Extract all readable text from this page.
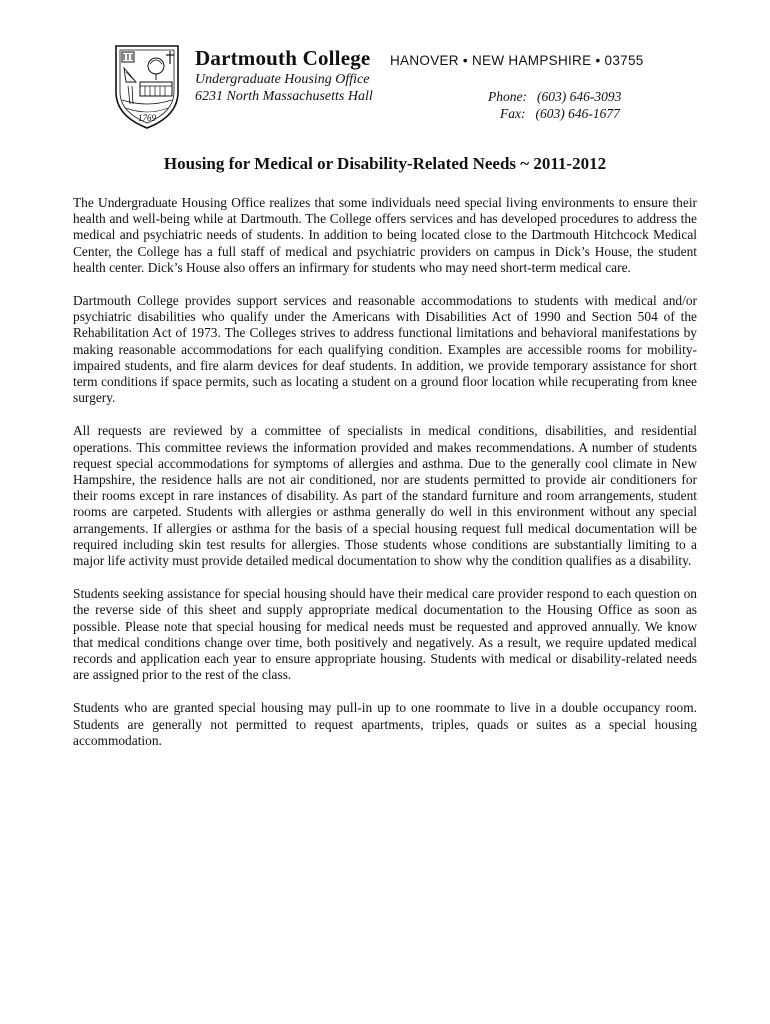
1769
Dartmouth College
Undergraduate Housing Office
6231 North Massachusetts Hall
HANOVER • NEW HAMPSHIRE • 03755
Phone: (603) 646-3093
Fax: (603) 646-1677
Housing for Medical or Disability-Related Needs ~ 2011-2012

The Undergraduate Housing Office realizes that some individuals need special living environments to ensure their health and well-being while at Dartmouth. The College offers services and has developed procedures to address the medical and psychiatric needs of students. In addition to being located close to the Dartmouth Hitchcock Medical Center, the College has a full staff of medical and psychiatric providers on campus in Dick’s House, the student health center. Dick’s House also offers an infirmary for students who may need short-term medical care.

Dartmouth College provides support services and reasonable accommodations to students with medical and/or psychiatric disabilities who qualify under the Americans with Disabilities Act of 1990 and Section 504 of the Rehabilitation Act of 1973. The Colleges strives to address functional limitations and behavioral manifestations by making reasonable accommodations for each qualifying condition. Examples are accessible rooms for mobility-impaired students, and fire alarm devices for deaf students. In addition, we provide temporary assistance for short term conditions if space permits, such as locating a student on a ground floor location while recuperating from knee surgery.

All requests are reviewed by a committee of specialists in medical conditions, disabilities, and residential operations. This committee reviews the information provided and makes recommendations. A number of students request special accommodations for symptoms of allergies and asthma. Due to the generally cool climate in New Hampshire, the residence halls are not air conditioned, nor are students permitted to provide air conditioners for their rooms except in rare instances of disability. As part of the standard furniture and room arrangements, student rooms are carpeted. Students with allergies or asthma generally do well in this environment without any special arrangements. If allergies or asthma for the basis of a special housing request full medical documentation will be required including skin test results for allergies. Those students whose conditions are substantially limiting to a major life activity must provide detailed medical documentation to show why the condition qualifies as a disability.

Students seeking assistance for special housing should have their medical care provider respond to each question on the reverse side of this sheet and supply appropriate medical documentation to the Housing Office as soon as possible. Please note that special housing for medical needs must be requested and approved annually. We know that medical conditions change over time, both positively and negatively. As a result, we require updated medical records and application each year to ensure appropriate housing. Students with medical or disability-related needs are assigned prior to the rest of the class.

Students who are granted special housing may pull-in up to one roommate to live in a double occupancy room. Students are generally not permitted to request apartments, triples, quads or suites as a special housing accommodation.
